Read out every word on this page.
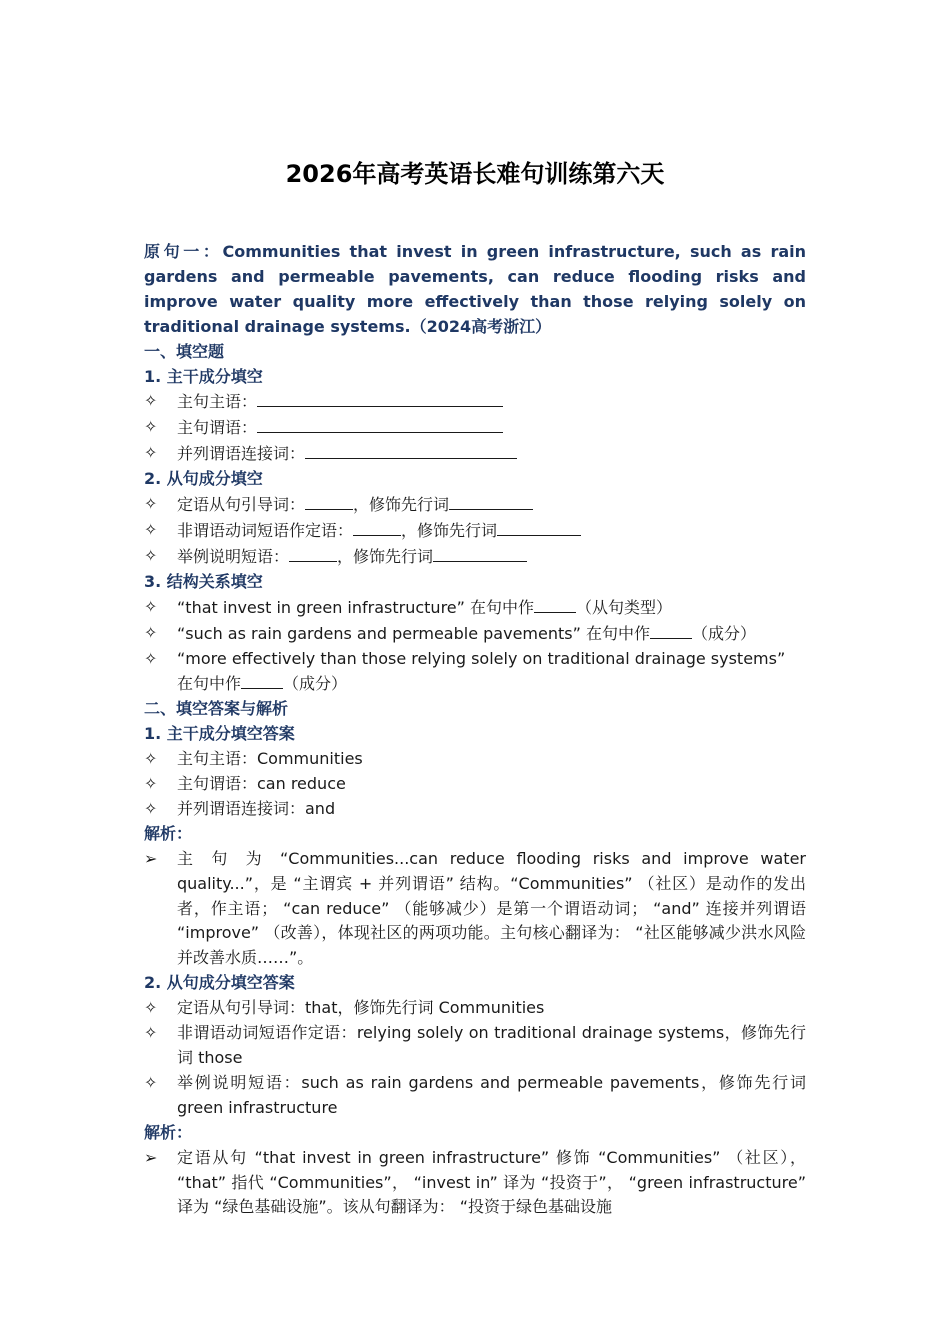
2026年高考英语长难句训练第六天
原句一：Communities that invest in green infrastructure, such as rain gardens and permeable pavements, can reduce flooding risks and improve water quality more effectively than those relying solely on traditional drainage systems.（2024高考浙江）
一、填空题
1. 主干成分填空
✧	主句主语：
✧	主句谓语：
✧	并列谓语连接词：
2. 从句成分填空
✧	定语从句引导词：	，修饰先行词
✧	非谓语动词短语作定语：	，修饰先行词
✧	举例说明短语：	，修饰先行词
3. 结构关系填空
✧	“that invest in green infrastructure” 在句中作	（从句类型）
✧	“such as rain gardens and permeable pavements” 在句中作	（成分）
✧	“more effectively than those relying solely on traditional drainage systems” 在句中作	（成分）
二、填空答案与解析
1. 主干成分填空答案
✧	主句主语：Communities
✧	主句谓语：can reduce
✧	并列谓语连接词：and
解析：
➢	主 句 为 “Communities...can reduce flooding risks and improve water quality...”，是 “主谓宾 + 并列谓语” 结构。“Communities” （社区）是动作的发出者，作主语； “can reduce” （能够减少）是第一个谓语动词； “and” 连接并列谓语 “improve” （改善），体现社区的两项功能。主句核心翻译为： “社区能够减少洪水风险并改善水质……”。
2. 从句成分填空答案
✧	定语从句引导词：that，修饰先行词 Communities
✧	非谓语动词短语作定语：relying solely on traditional drainage systems，修饰先行词 those
✧	举例说明短语：such as rain gardens and permeable pavements，修饰先行词 green infrastructure
解析：
➢	定语从句 “that invest in green infrastructure” 修饰 “Communities” （社区）， “that” 指代 “Communities”， “invest in” 译为 “投资于”， “green infrastructure” 译为 “绿色基础设施”。该从句翻译为： “投资于绿色基础设施
